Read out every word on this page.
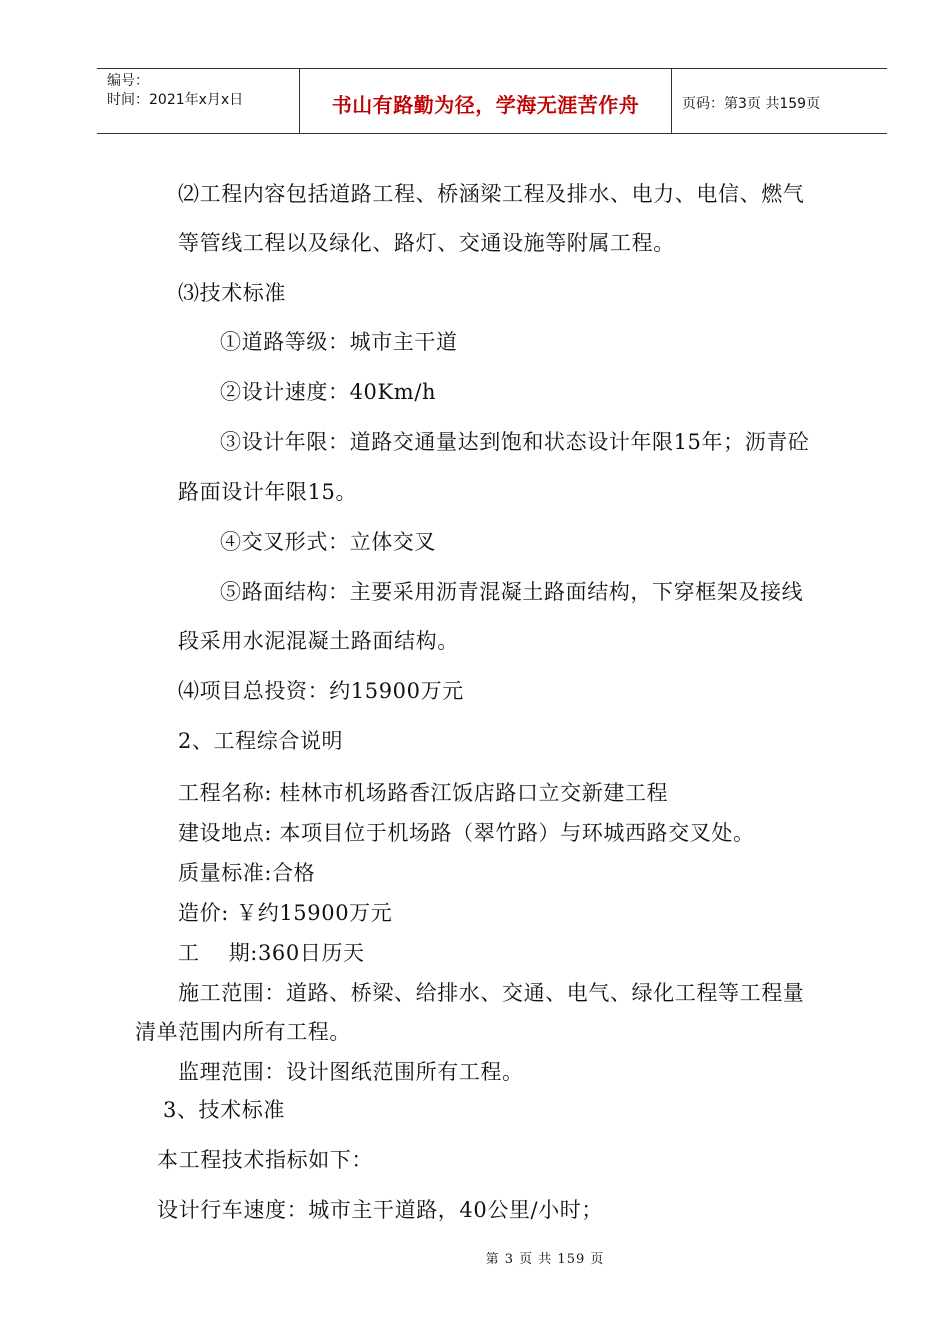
编号：
时间：2021年x月x日	书山有路勤为径，学海无涯苦作舟	页码：第3页 共159页
⑵工程内容包括道路工程、桥涵梁工程及排水、电力、电信、燃气
等管线工程以及绿化、路灯、交通设施等附属工程。
⑶技术标准
①道路等级：城市主干道
②设计速度：40Km/h
③设计年限：道路交通量达到饱和状态设计年限15年；沥青砼
路面设计年限15。
④交叉形式：立体交叉
⑤路面结构：主要采用沥青混凝土路面结构，下穿框架及接线
段采用水泥混凝土路面结构。
⑷项目总投资：约15900万元
2、工程综合说明
工程名称: 桂林市机场路香江饭店路口立交新建工程
建设地点: 本项目位于机场路（翠竹路）与环城西路交叉处。
质量标准:合格
造价: ￥约15900万元
工    期:360日历天
施工范围：道路、桥梁、给排水、交通、电气、绿化工程等工程量
清单范围内所有工程。
监理范围：设计图纸范围所有工程。
3、技术标准
本工程技术指标如下：
设计行车速度：城市主干道路，40公里/小时；
第 3 页 共 159 页
